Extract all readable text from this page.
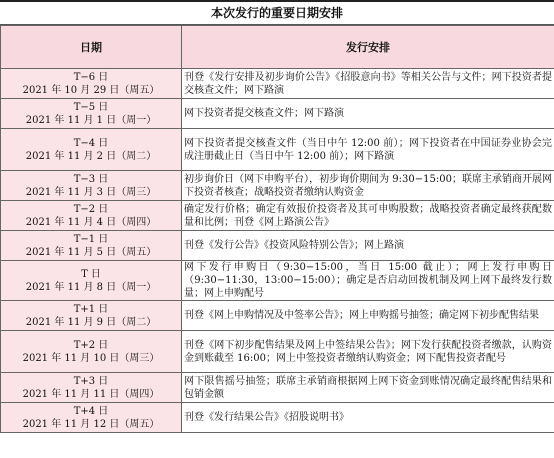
本次发行的重要日期安排
日期	发行安排

T−6 日
2021 年 10 月 29 日（周五）	刊登《发行安排及初步询价公告》《招股意向书》等相关公告与文件；网下投资者提交核查文件；网下路演

T−5 日
2021 年 11 月 1 日（周一）	网下投资者提交核查文件；网下路演

T−4 日
2021 年 11 月 2 日（周二）	网下投资者提交核查文件（当日中午 12:00 前）；网下投资者在中国证券业协会完成注册截止日（当日中午 12:00 前）；网下路演

T−3 日
2021 年 11 月 3 日（周三）	初步询价日（网下申购平台），初步询价期间为 9:30−15:00；联席主承销商开展网下投资者核查；战略投资者缴纳认购资金

T−2 日
2021 年 11 月 4 日（周四）	确定发行价格；确定有效报价投资者及其可申购股数；战略投资者确定最终获配数量和比例；刊登《网上路演公告》

T−1 日
2021 年 11 月 5 日（周五）	刊登《发行公告》《投资风险特别公告》；网上路演

T 日
2021 年 11 月 8 日（周一）	网下发行申购日（9:30−15:00，当日 15:00 截止）；网上发行申购日（9:30−11:30，13:00−15:00）；确定是否启动回拨机制及网上网下最终发行数量；网上申购配号

T+1 日
2021 年 11 月 9 日（周二）	刊登《网上申购情况及中签率公告》；网上申购摇号抽签；确定网下初步配售结果

T+2 日
2021 年 11 月 10 日（周三）	刊登《网下初步配售结果及网上中签结果公告》；网下发行获配投资者缴款，认购资金到账截至 16:00；网上中签投资者缴纳认购资金；网下配售投资者配号

T+3 日
2021 年 11 月 11 日（周四）	网下限售摇号抽签；联席主承销商根据网上网下资金到账情况确定最终配售结果和包销金额

T+4 日
2021 年 11 月 12 日（周五）	刊登《发行结果公告》《招股说明书》
